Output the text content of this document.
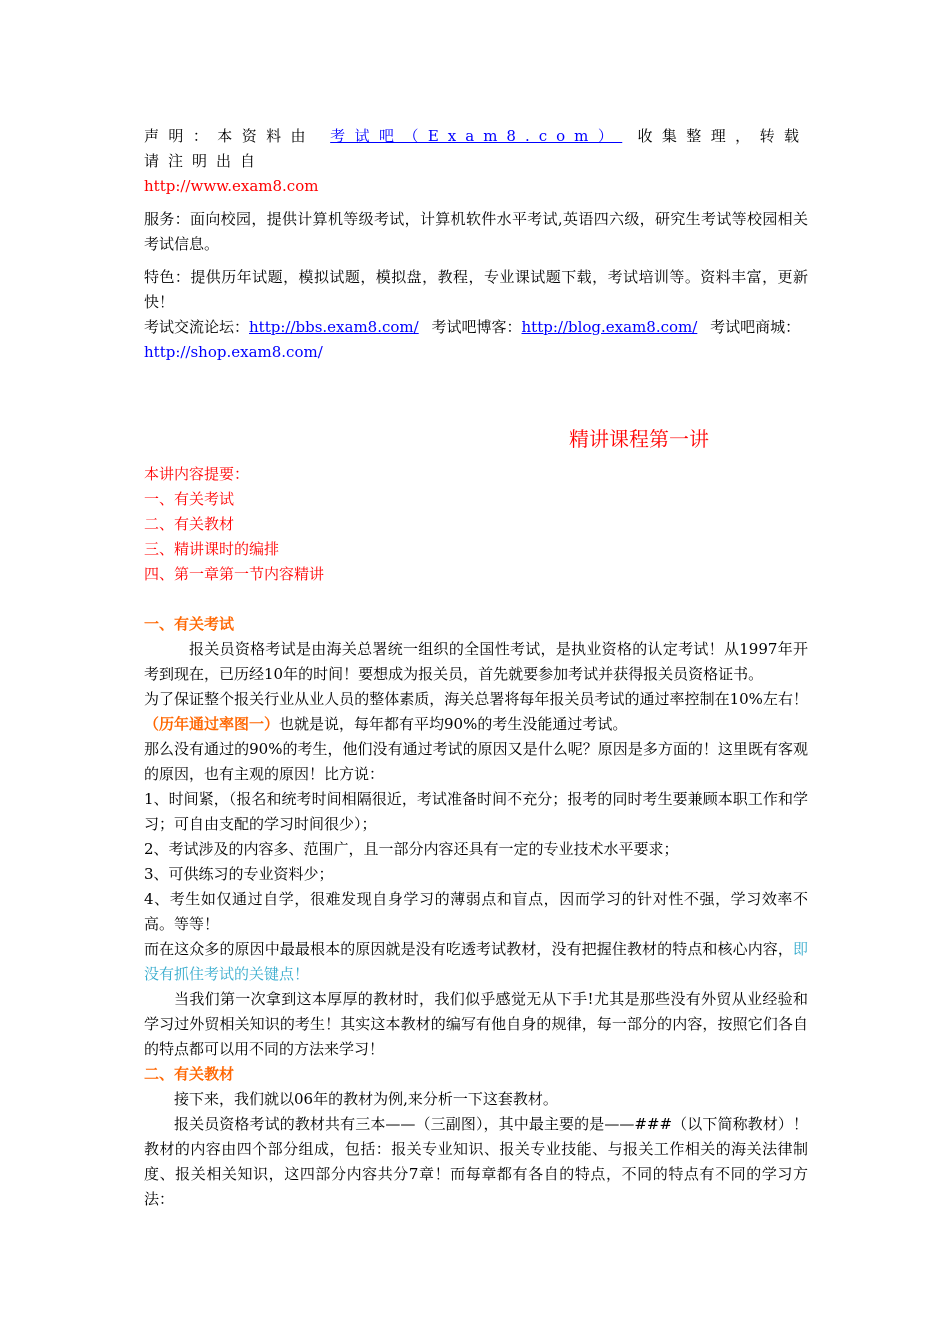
声明：本资料由 考试吧（Exam8.com） 收集整理，转载请注明出自
http://www.exam8.com

服务：面向校园，提供计算机等级考试，计算机软件水平考试,英语四六级，研究生考试等校园相关考试信息。

特色：提供历年试题，模拟试题，模拟盘，教程，专业课试题下载，考试培训等。资料丰富，更新快！

考试交流论坛：http://bbs.exam8.com/ 考试吧博客：http://blog.exam8.com/ 考试吧商城：
http://shop.exam8.com/

精讲课程第一讲

本讲内容提要：

一、有关考试

二、有关教材

三、精讲课时的编排

四、第一章第一节内容精讲

一、有关考试

报关员资格考试是由海关总署统一组织的全国性考试，是执业资格的认定考试！从1997年开考到现在，已历经10年的时间！要想成为报关员，首先就要参加考试并获得报关员资格证书。

为了保证整个报关行业从业人员的整体素质，海关总署将每年报关员考试的通过率控制在10%左右！（历年通过率图一）也就是说，每年都有平均90%的考生没能通过考试。

那么没有通过的90%的考生，他们没有通过考试的原因又是什么呢？原因是多方面的！这里既有客观的原因，也有主观的原因！比方说：

1、时间紧，（报名和统考时间相隔很近，考试准备时间不充分；报考的同时考生要兼顾本职工作和学习；可自由支配的学习时间很少）；

2、考试涉及的内容多、范围广，且一部分内容还具有一定的专业技术水平要求；

3、可供练习的专业资料少；

4、考生如仅通过自学，很难发现自身学习的薄弱点和盲点，因而学习的针对性不强，学习效率不高。等等！

而在这众多的原因中最最根本的原因就是没有吃透考试教材，没有把握住教材的特点和核心内容，即没有抓住考试的关键点！

当我们第一次拿到这本厚厚的教材时，我们似乎感觉无从下手!尤其是那些没有外贸从业经验和学习过外贸相关知识的考生！其实这本教材的编写有他自身的规律，每一部分的内容，按照它们各自的特点都可以用不同的方法来学习！

二、有关教材

接下来，我们就以06年的教材为例,来分析一下这套教材。

报关员资格考试的教材共有三本——（三副图），其中最主要的是——###（以下简称教材）！教材的内容由四个部分组成，包括：报关专业知识、报关专业技能、与报关工作相关的海关法律制度、报关相关知识，这四部分内容共分7章！而每章都有各自的特点，不同的特点有不同的学习方法：
